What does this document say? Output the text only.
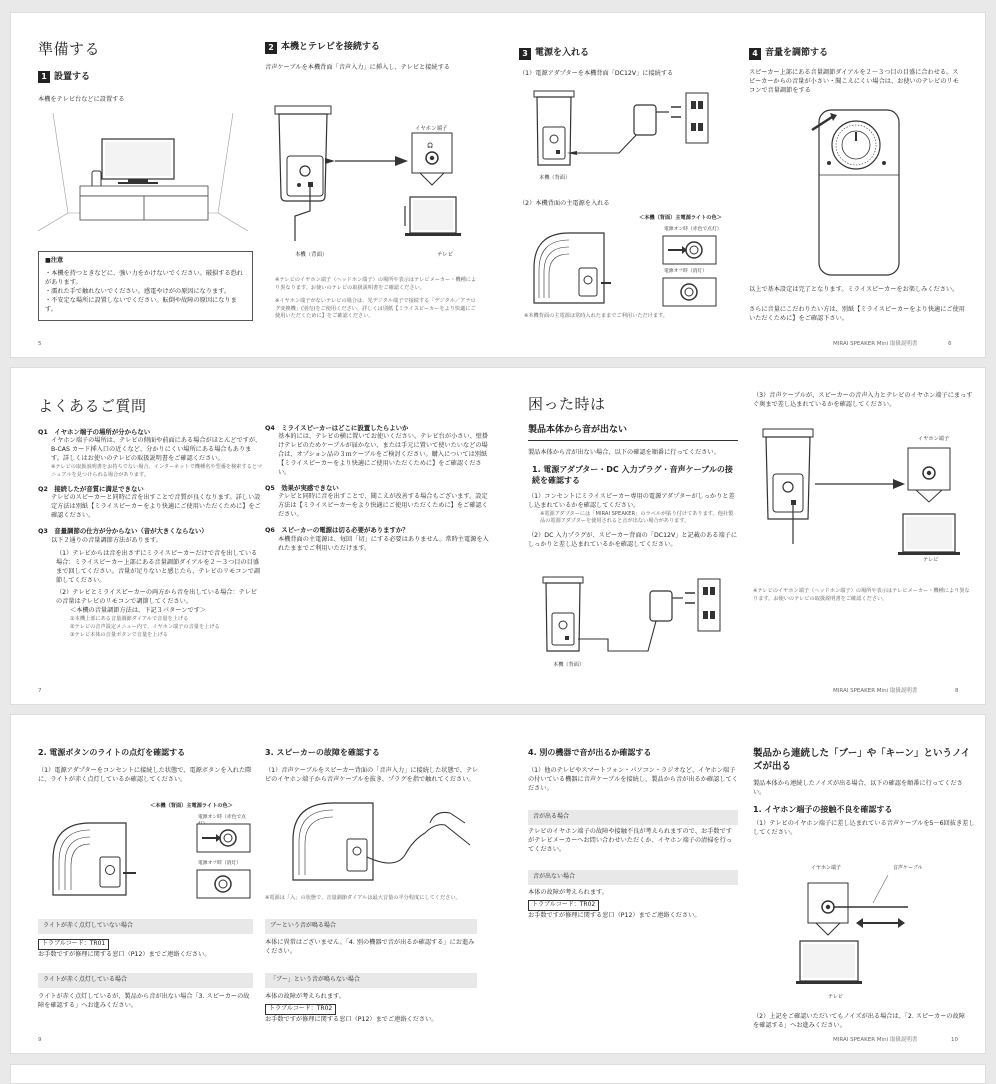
準備する
1 設置する
本機をテレビ台などに設置する
■注意
・本機を持つときなどに、強い力をかけないでください。破損する恐れがあります。
・濡れた手で触れないでください。感電やけがの原因になります。
・不安定な場所に設置しないでください。転倒や故障の原因になります。
5
2 本機とテレビを接続する
音声ケーブルを本機背面「音声入力」に挿入し、テレビと接続する
🎧
イヤホン端子
本機（背面）	テレビ
※テレビのイヤホン端子（ヘッドホン端子）の場所や表示はテレビメーカー・機種により異なります。お使いのテレビの取扱説明書をご確認ください。
※イヤホン端子がないテレビの場合は、光デジタル端子で接続する「デジタル／アナログ変換機」(別売)をご使用ください。詳しくは別紙【ミライスピーカーをより快適にご使用いただくために】をご確認ください。
3 電源を入れる
（1）電源アダプターを本機背面「DC12V」に接続する
本機（背面）
（2）本機背面の主電源を入れる
＜本機（背面）主電源ライトの色＞
電源オン時（赤色で点灯）
電源オフ時（消灯）
※本機背面の主電源は常時入れたままでご利用いただけます。
4 音量を調節する
スピーカー上部にある音量調節ダイアルを２〜３つ目の目盛に合わせる。スピーカーからの音量が小さい・聞こえにくい場合は、お使いのテレビのリモコンで音量調節をする
以上で基本設定は完了となります。ミライスピーカーをお楽しみください。
さらに音量にこだわりたい方は、別紙【ミライスピーカーをより快適にご使用いただくために】をご確認下さい。
MIRAI SPEAKER Mini 取扱説明書	6
よくあるご質問
Q1　イヤホン端子の場所が分からない
イヤホン端子の場所は、テレビの側面や前面にある場合がほとんどですが、B-CAS カード挿入口の近くなど、分かりにくい場所にある場合もあります。詳しくはお使いのテレビの取扱説明書をご確認ください。
※テレビの取扱説明書をお持ちでない場合、インターネットで機種名や型番を検索するとマニュアルを見つけられる場合があります。
Q2　接続したが音質に満足できない
テレビのスピーカーと同時に音を出すことで音質が良くなります。詳しい設定方法は別紙【ミライスピーカーをより快適にご使用いただくために】をご確認ください。
Q3　音量調節の仕方が分からない（音が大きくならない）
以下２通りの音量調節方法があります。
（1）テレビからは音を出さずにミライスピーカーだけで音を出している場合：ミライスピーカー上部にある音量調節ダイアルを２〜３つ目の目盛まで回してください。音量が足りないと感じたら、テレビのリモコンで調節してください。
（2）テレビとミライスピーカーの両方から音を出している場合：テレビの音量はテレビのリモコンで調節してください。
＜本機の音量調節方法は、下記３パターンです＞
①本機上部にある音量調節ダイアルで音量を上げる
②テレビの音声設定メニュー内で、イヤホン端子の音量を上げる
③テレビ本体の音量ボタンで音量を上げる
7
Q4　ミライスピーカーはどこに設置したらよいか
基本的には、テレビの横に置いてお使いください。テレビ台が小さい、壁掛けテレビのためケーブルが届かない、または手元に置いて使いたいなどの場合は、オプション品の３ｍケーブルをご検討ください。購入については別紙【ミライスピーカーをより快適にご使用いただくために】をご確認ください。
Q5　効果が実感できない
テレビと同時に音を出すことで、聞こえが改善する場合もございます。設定方法は【ミライスピーカーをより快適にご使用いただくために】をご確認ください。
Q6　スピーカーの電源は切る必要がありますか？
本機背面の主電源は、毎回「切」にする必要はありません。常時主電源を入れたままでご利用いただけます。
困った時は
製品本体から音が出ない
製品本体から音が出ない場合、以下の確認を順番に行ってください。
1. 電源アダプター・DC 入力プラグ・音声ケーブルの接続を確認する
（1）コンセントにミライスピーカー専用の電源アダプターがしっかりと差し込まれているかを確認してください。
※電源アダプターには「MIRAI SPEAKER」のラベルが貼り付けてあります。他社製品の電源アダプターを使用されると音が出ない場合があります。
（2）DC 入力プラグが、スピーカー背面の「DC12V」と記載のある端子にしっかりと差し込まれているかを確認してください。
本機（背面）
（3）音声ケーブルが、スピーカーの音声入力とテレビのイヤホン端子にまっすぐ奥まで差し込まれているかを確認してください。
イヤホン端子
テレビ
※テレビのイヤホン端子（ヘッドホン端子）の場所や表示はテレビメーカー・機種により異なります。お使いのテレビの取扱説明書をご確認ください。
MIRAI SPEAKER Mini 取扱説明書	8
2. 電源ボタンのライトの点灯を確認する
（1）電源アダプターをコンセントに接続した状態で、電源ボタンを入れた際に、ライトが赤く点灯しているか確認してください。
＜本機（背面）主電源ライトの色＞
電源オン時（赤色で点
電源オフ時（消灯）
ライトが赤く点灯していない場合
トラブルコード：TR01
お手数ですが修理に関する窓口（P12）までご連絡ください。
ライトが赤く点灯している場合
ライトが赤く点灯しているが、製品から音が出ない場合「3. スピーカーの故障を確認する」へお進みください。
9
3. スピーカーの故障を確認する
（1）音声ケーブルをスピーカー背面の「音声入力」に接続した状態で、テレビのイヤホン端子から音声ケーブルを抜き、プラグを指で触れてください。
※電源は「入」の状態で、音量調節ダイアルは最大音量の半分程度にしてください。
ブーという音が鳴る場合
本体に異常はございません。「4. 別の機器で音が出るか確認する」にお進みください。
「ブー」という音が鳴らない場合
本体の故障が考えられます。
トラブルコード：TR02
お手数ですが修理に関する窓口（P12）までご連絡ください。
4. 別の機器で音が出るか確認する
（1）他のテレビやスマートフォン・パソコン・ラジオなど、イヤホン端子の付いている機器に音声ケーブルを接続し、製品から音が出るか確認してください。
音が出る場合
テレビのイヤホン端子の故障や接触不良が考えられますので、お手数ですがテレビメーカーへお問い合わせいただくか、イヤホン端子の清掃を行ってください。
音が出ない場合
本体の故障が考えられます。
トラブルコード：TR02
お手数ですが修理に関する窓口（P12）までご連絡ください。
製品から連続した「ブー」や「キーン」というノイズが出る
製品本体から連続したノイズが出る場合、以下の確認を順番に行ってください。
1. イヤホン端子の接触不良を確認する
（1）テレビのイヤホン端子に差し込まれている音声ケーブルを5〜6回抜き差ししてください。
イヤホン端子	音声ケーブル
テレビ
（2）上記をご確認いただいてもノイズが出る場合は、「2. スピーカーの故障を確認する」へお進みください。
MIRAI SPEAKER Mini 取扱説明書	10
